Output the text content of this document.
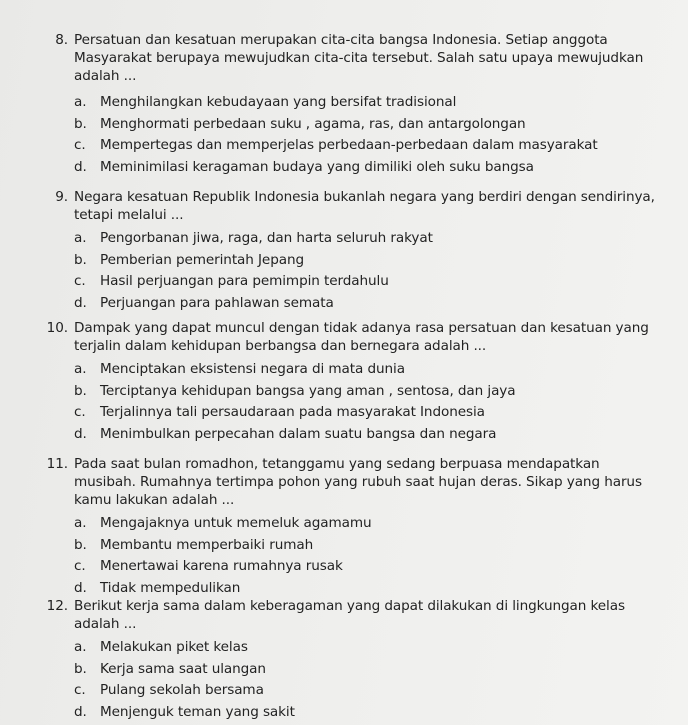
8. Persatuan dan kesatuan merupakan cita-cita bangsa Indonesia. Setiap anggota Masyarakat berupaya mewujudkan cita-cita tersebut. Salah satu upaya mewujudkan adalah ...
a. Menghilangkan kebudayaan yang bersifat tradisional
b. Menghormati perbedaan suku , agama, ras, dan antargolongan
c.	Mempertegas dan memperjelas perbedaan-perbedaan dalam masyarakat
d. Meminimilasi keragaman budaya yang dimiliki oleh suku bangsa
9. Negara kesatuan Republik Indonesia bukanlah negara yang berdiri dengan sendirinya, tetapi melalui ...
a. Pengorbanan jiwa, raga, dan harta seluruh rakyat
b. Pemberian pemerintah Jepang
c.	Hasil perjuangan para pemimpin terdahulu
d. Perjuangan para pahlawan semata
10. Dampak yang dapat muncul dengan tidak adanya rasa persatuan dan kesatuan yang terjalin dalam kehidupan berbangsa dan bernegara adalah ...
a. Menciptakan eksistensi negara di mata dunia
b. Terciptanya kehidupan bangsa yang aman , sentosa, dan jaya
c.	Terjalinnya tali persaudaraan pada masyarakat Indonesia
d. Menimbulkan perpecahan dalam suatu bangsa dan negara
11. Pada saat bulan romadhon, tetanggamu yang sedang berpuasa mendapatkan musibah. Rumahnya tertimpa pohon yang rubuh saat hujan deras. Sikap yang harus kamu lakukan adalah ...
a. Mengajaknya untuk memeluk agamamu
b. Membantu memperbaiki rumah
c.	Menertawai karena rumahnya rusak
d. Tidak mempedulikan
12. Berikut kerja sama dalam keberagaman yang dapat dilakukan di lingkungan kelas adalah ...
a. Melakukan piket kelas
b. Kerja sama saat ulangan
c.	Pulang sekolah bersama
d. Menjenguk teman yang sakit
